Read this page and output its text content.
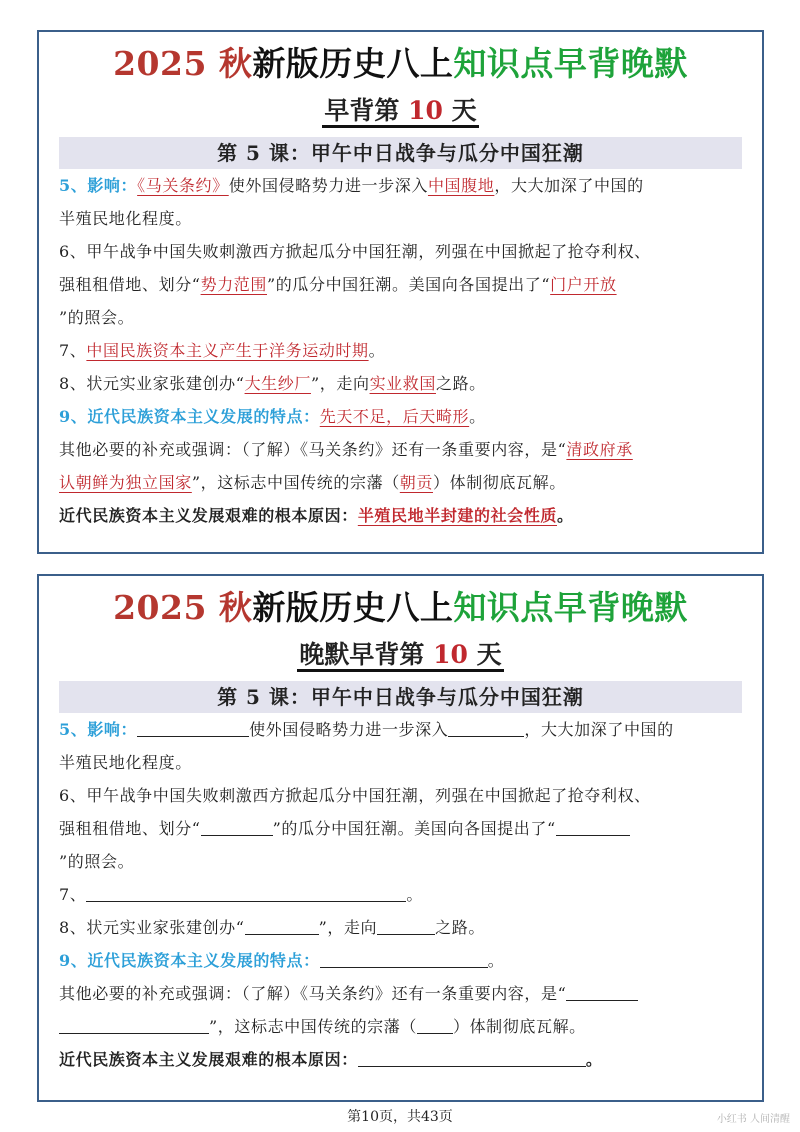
2025 秋新版历史八上知识点早背晚默
早背第 10 天
第 5 课：甲午中日战争与瓜分中国狂潮
5、影响：《马关条约》使外国侵略势力进一步深入中国腹地，大大加深了中国的
半殖民地化程度。
6、甲午战争中国失败刺激西方掀起瓜分中国狂潮，列强在中国掀起了抢夺利权、
强租租借地、划分“势力范围”的瓜分中国狂潮。美国向各国提出了“门户开放
”的照会。
7、中国民族资本主义产生于洋务运动时期。
8、状元实业家张建创办“大生纱厂”，走向实业救国之路。
9、近代民族资本主义发展的特点：先天不足，后天畸形。
其他必要的补充或强调：（了解）《马关条约》还有一条重要内容，是“清政府承
认朝鲜为独立国家”，这标志中国传统的宗藩（朝贡）体制彻底瓦解。
近代民族资本主义发展艰难的根本原因：半殖民地半封建的社会性质。
2025 秋新版历史八上知识点早背晚默
晚默早背第 10 天
第 5 课：甲午中日战争与瓜分中国狂潮
5、影响：	使外国侵略势力进一步深入	，大大加深了中国的
半殖民地化程度。
6、甲午战争中国失败刺激西方掀起瓜分中国狂潮，列强在中国掀起了抢夺利权、
强租租借地、划分“	”的瓜分中国狂潮。美国向各国提出了“
”的照会。
7、	。
8、状元实业家张建创办“	”，走向	之路。
9、近代民族资本主义发展的特点：	。
其他必要的补充或强调：（了解）《马关条约》还有一条重要内容，是“
”，这标志中国传统的宗藩（ ）体制彻底瓦解。
近代民族资本主义发展艰难的根本原因：	。
第10页，共43页	小红书 人间清醒
